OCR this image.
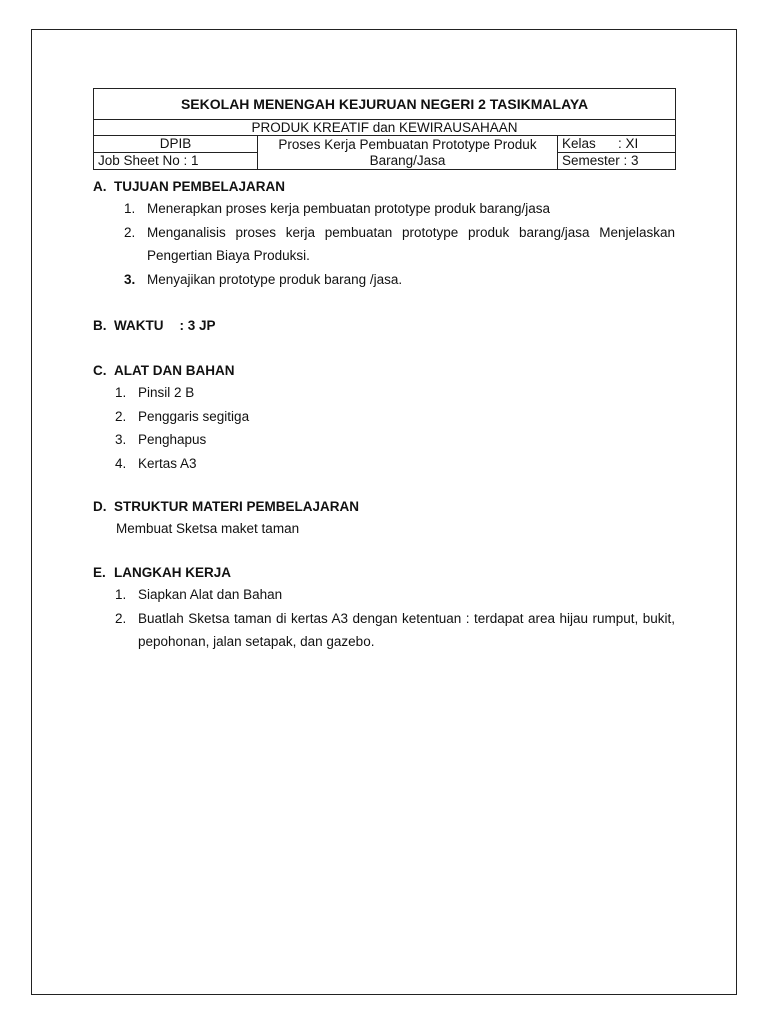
SEKOLAH MENENGAH KEJURUAN NEGERI 2 TASIKMALAYA		
PRODUK KREATIF dan KEWIRAUSAHAAN		
DPIB	Proses Kerja Pembuatan Prototype Produk Barang/Jasa	Kelas : XI

Job Sheet No : 1		Semester : 3
A. TUJUAN PEMBELAJARAN
1. Menerapkan proses kerja pembuatan prototype produk barang/jasa
2. Menganalisis proses kerja pembuatan prototype produk barang/jasa Menjelaskan Pengertian Biaya Produksi.
3. Menyajikan prototype produk barang /jasa.
B. WAKTU : 3 JP
C. ALAT DAN BAHAN
1. Pinsil 2 B
2. Penggaris segitiga
3. Penghapus
4. Kertas A3
D. STRUKTUR MATERI PEMBELAJARAN
Membuat Sketsa maket taman
E. LANGKAH KERJA
1. Siapkan Alat dan Bahan
2. Buatlah Sketsa taman di kertas A3 dengan ketentuan : terdapat area hijau rumput, bukit, pepohonan, jalan setapak, dan gazebo.
